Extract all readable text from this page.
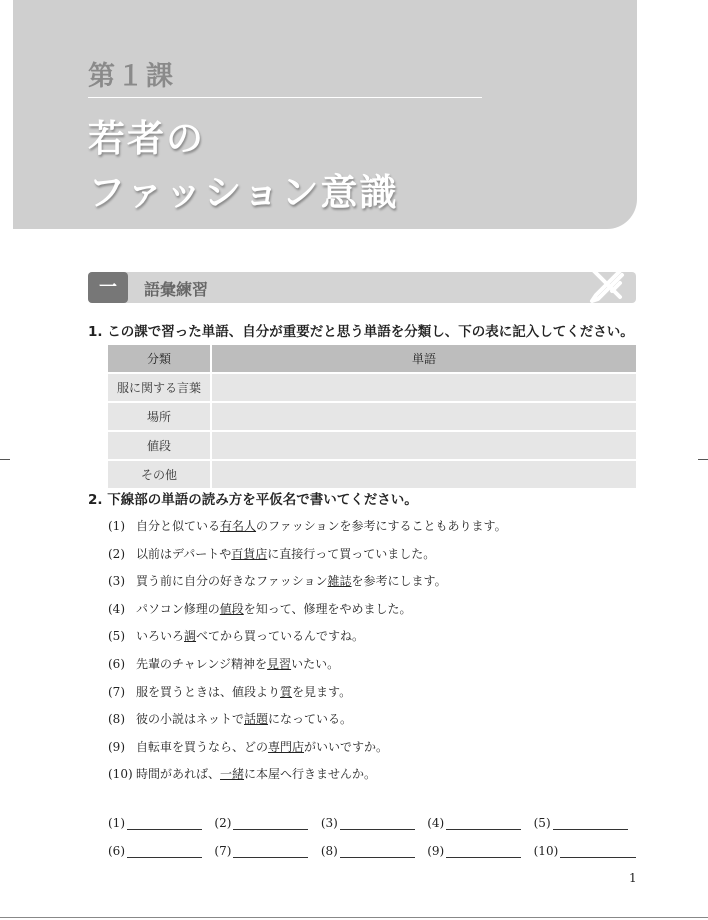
第１課
若者の
ファッション意識
一	語彙練習
1. この課で習った単語、自分が重要だと思う単語を分類し、下の表に記入してください。
分類	単語
服に関する言葉	
場所	
値段	
その他	
2. 下線部の単語の読み方を平仮名で書いてください。
(1) 自分と似ている有名人のファッションを参考にすることもあります。
(2) 以前はデパートや百貨店に直接行って買っていました。
(3) 買う前に自分の好きなファッション雑誌を参考にします。
(4) パソコン修理の値段を知って、修理をやめました。
(5) いろいろ調べてから買っているんですね。
(6) 先輩のチャレンジ精神を見習いたい。
(7) 服を買うときは、値段より質を見ます。
(8) 彼の小説はネットで話題になっている。
(9) 自転車を買うなら、どの専門店がいいですか。
(10) 時間があれば、一緒に本屋へ行きませんか。
(1)	(2)	(3)	(4)	(5)
(6)	(7)	(8)	(9)	(10)
1
